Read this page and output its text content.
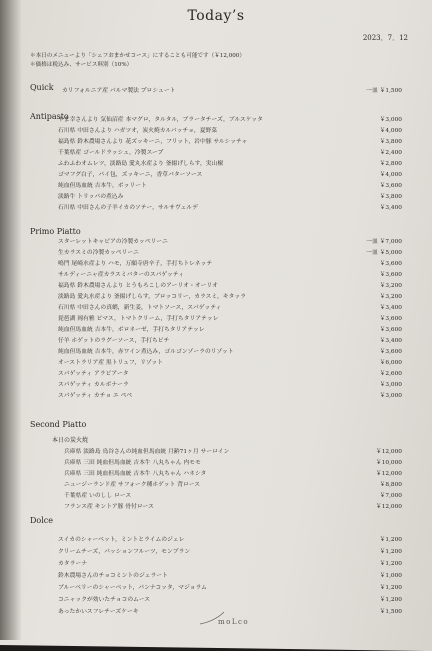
Today’s
2023．7．12
＊本日のメニューより「シェフおまかせコース」にすることも可能です（￥12,000）
＊価格は税込み、サービス料別（10%）
Quick カリフォルニア産 パルマ製法 プロシュート	一皿 ￥1,500
Antipasto
やま幸さんより 気仙沼産 本マグロ，タルタル，ブラータチーズ，ブルスケッタ	￥3,000
石川県 中田さんより ハガツオ，炭火焼カルパッチョ，夏野菜	￥4,000
福島県 鈴木農場さんより 花ズッキーニ，フリット，岩中豚 サルシッチャ	￥3,800
千葉県産 ゴールドラッシュ，冷製スープ	￥2,400
ふわふわオムレツ，淡路島 愛丸水産より 釜揚げしらす，実山椒	￥2,800
ゴマフグ白子，パイ包，ズッキーニ，香草バターソース	￥4,000
純血但馬血統 吉本牛，ボッリート	￥3,600
淡路牛 トリッパの煮込み	￥3,800
石川県 中田さんの子羊イカのソテー，サルサヴェルデ	￥3,400
Primo Piatto
スターレットキャビアの冷製カッペリーニ	一皿 ￥7,000
生カラスミの冷製カッペリーニ	一皿 ￥5,000
鳴門 尾崎水産より ハモ，万願寺唐辛子，手打ちトレネッテ	￥3,600
サルディーニャ産カラスミバターのスパゲッティ	￥3,600
福島県 鈴木農場さんより とうもろこしのアーリオ・オーリオ	￥3,200
淡路島 愛丸水産より 釜揚げしらす，ブロッコリー，カラスミ，キタッラ	￥3,200
石川県 中田さんの真蛸，新生姜，トマトソース，スパゲッティ	￥3,400
琵琶湖 岡有雅 ピマス，トマトクリーム，手打ちタリアテッレ	￥3,600
純血但馬血統 吉本牛，ボロネーゼ，手打ちタリアテッレ	￥3,600
仔羊 ホゲットのラグーソース，手打ちピチ	￥3,400
純血但馬血統 吉本牛，赤ワイン煮込み，ゴルゴンゾーラのリゾット	￥3,600
オーストラリア産 黒トリュフ，リゾット	￥6,000
スパゲッティ アラビアータ	￥2,600
スパゲッティ カルボナーラ	￥3,000
スパゲッティ カチョ エ ペペ	￥3,000
Second Piatto
本日の炭火焼
兵庫県 淡路島 鳥谷さんの純血但馬血統 月齢71ヶ月 サーロイン	￥12,000
兵庫県 三田 純血但馬血統 吉本牛 八丸ちゃん 内モモ	￥10,000
兵庫県 三田 純血但馬血統 吉本牛 八丸ちゃん ハネシタ	￥12,000
ニュージーランド産 サフォーク種ホゲット 背ロース	￥8,800
千葉県産 いのしし ロース	￥7,000
フランス産 キントア豚 骨付ロース	￥12,000
Dolce
スイカのシャーベット，ミントとライムのジェレ	￥1,200
クリームチーズ，パッションフルーツ，モンブラン	￥1,200
カタラーナ	￥1,200
鈴木農場さんのチョコミントのジェラート	￥1,000
ブルーベリーのシャーベット，パンナコッタ，マジョラム	￥1,200
コニャックが効いたチョコのムース	￥1,200
あったかいスフレチーズケーキ	￥1,500
moLco
